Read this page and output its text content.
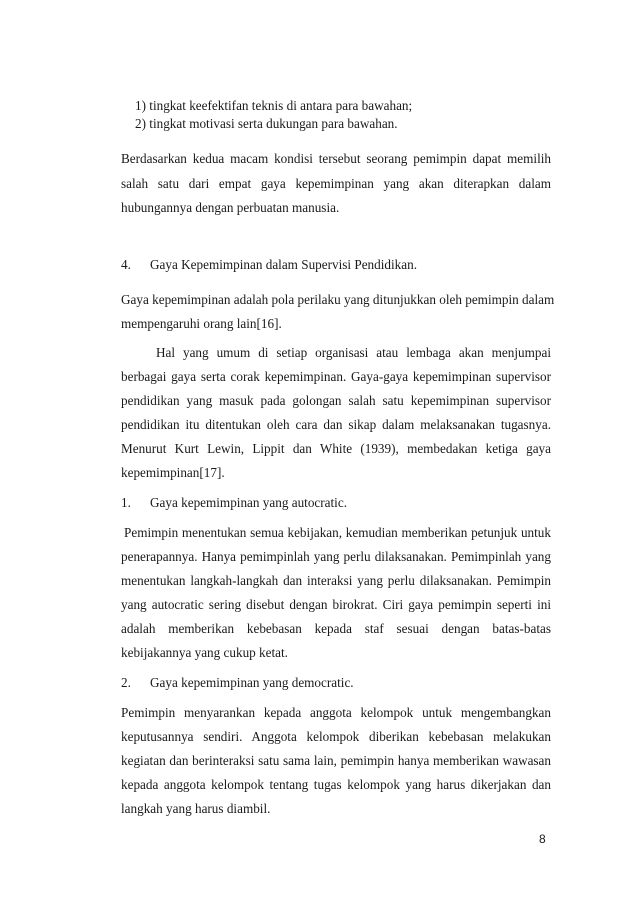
1) tingkat keefektifan teknis di antara para bawahan;
2) tingkat motivasi serta dukungan para bawahan.
Berdasarkan kedua macam kondisi tersebut seorang pemimpin dapat memilih
salah satu dari empat gaya kepemimpinan yang akan diterapkan dalam
hubungannya dengan perbuatan manusia.
4. Gaya Kepemimpinan dalam Supervisi Pendidikan.
Gaya kepemimpinan adalah pola perilaku yang ditunjukkan oleh pemimpin dalam
mempengaruhi orang lain[16].
Hal yang umum di setiap organisasi atau lembaga akan menjumpai
berbagai gaya serta corak kepemimpinan. Gaya-gaya kepemimpinan supervisor
pendidikan yang masuk pada golongan salah satu kepemimpinan supervisor
pendidikan itu ditentukan oleh cara dan sikap dalam melaksanakan tugasnya.
Menurut Kurt Lewin, Lippit dan White (1939), membedakan ketiga gaya
kepemimpinan[17].
1. Gaya kepemimpinan yang autocratic.
Pemimpin menentukan semua kebijakan, kemudian memberikan petunjuk untuk
penerapannya. Hanya pemimpinlah yang perlu dilaksanakan. Pemimpinlah yang
menentukan langkah-langkah dan interaksi yang perlu dilaksanakan. Pemimpin
yang autocratic sering disebut dengan birokrat. Ciri gaya pemimpin seperti ini
adalah memberikan kebebasan kepada staf sesuai dengan batas-batas
kebijakannya yang cukup ketat.
2. Gaya kepemimpinan yang democratic.
Pemimpin menyarankan kepada anggota kelompok untuk mengembangkan
keputusannya sendiri. Anggota kelompok diberikan kebebasan melakukan
kegiatan dan berinteraksi satu sama lain, pemimpin hanya memberikan wawasan
kepada anggota kelompok tentang tugas kelompok yang harus dikerjakan dan
langkah yang harus diambil.
8
